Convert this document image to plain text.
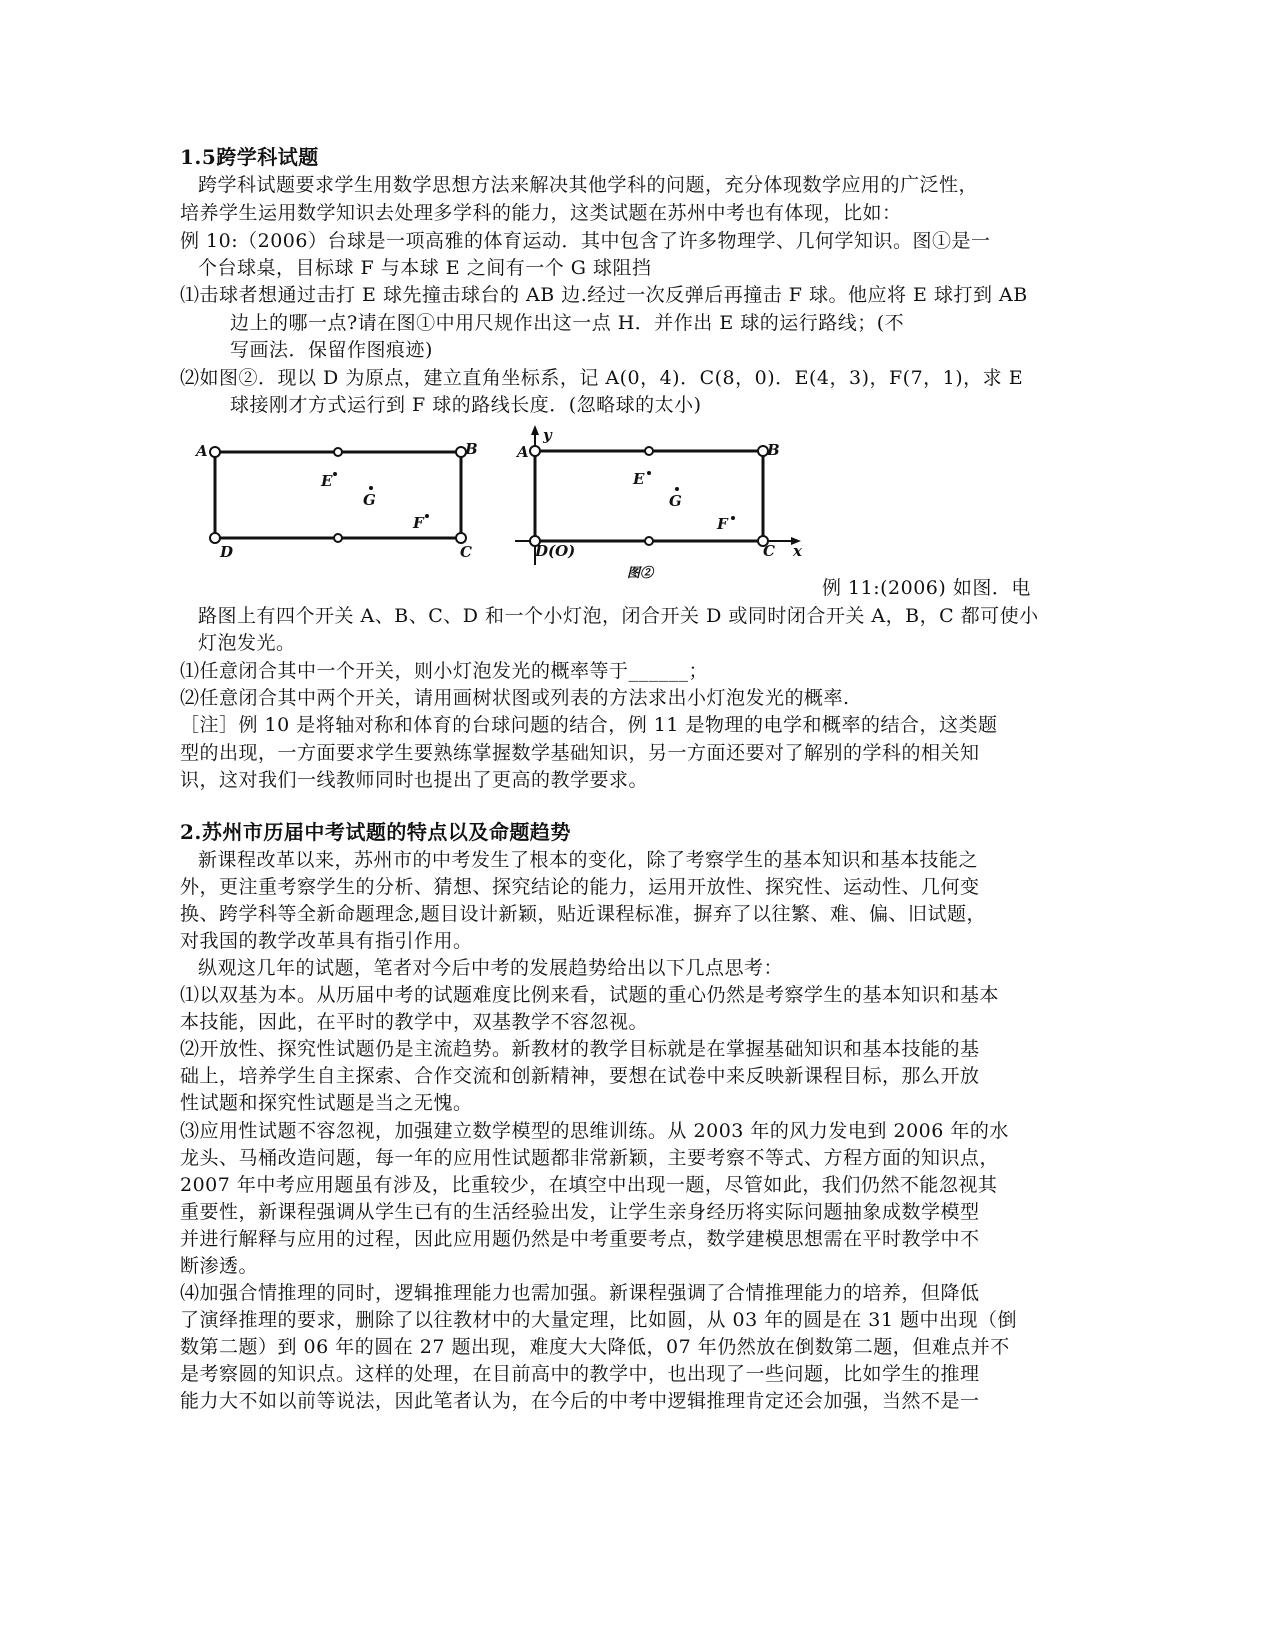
1.5跨学科试题
跨学科试题要求学生用数学思想方法来解决其他学科的问题，充分体现数学应用的广泛性，
培养学生运用数学知识去处理多学科的能力，这类试题在苏州中考也有体现，比如：
例 10:（2006）台球是一项高雅的体育运动．其中包含了许多物理学、几何学知识。图①是一
个台球桌，目标球 F 与本球 E 之间有一个 G 球阻挡
⑴击球者想通过击打 E 球先撞击球台的 AB 边.经过一次反弹后再撞击 F 球。他应将 E 球打到 AB
边上的哪一点?请在图①中用尺规作出这一点 H．并作出 E 球的运行路线；(不
写画法．保留作图痕迹)
⑵如图②．现以 D 为原点，建立直角坐标系，记 A(0，4)．C(8，0)．E(4，3)，F(7，1)，求 E
球接刚才方式运行到 F 球的路线长度．(忽略球的太小)
A	B
C
D
E
G
F
y
A	B
C x
D(O)
E
G
F
图②
例 11:(2006) 如图．电
路图上有四个开关 A、B、C、D 和一个小灯泡，闭合开关 D 或同时闭合开关 A，B，C 都可使小
灯泡发光。
⑴任意闭合其中一个开关，则小灯泡发光的概率等于______；
⑵任意闭合其中两个开关，请用画树状图或列表的方法求出小灯泡发光的概率.
［注］例 10 是将轴对称和体育的台球问题的结合，例 11 是物理的电学和概率的结合，这类题
型的出现，一方面要求学生要熟练掌握数学基础知识，另一方面还要对了解别的学科的相关知
识，这对我们一线教师同时也提出了更高的教学要求。
2.苏州市历届中考试题的特点以及命题趋势
新课程改革以来，苏州市的中考发生了根本的变化，除了考察学生的基本知识和基本技能之
外，更注重考察学生的分析、猜想、探究结论的能力，运用开放性、探究性、运动性、几何变
换、跨学科等全新命题理念,题目设计新颖，贴近课程标准，摒弃了以往繁、难、偏、旧试题，
对我国的教学改革具有指引作用。
纵观这几年的试题，笔者对今后中考的发展趋势给出以下几点思考：
⑴以双基为本。从历届中考的试题难度比例来看，试题的重心仍然是考察学生的基本知识和基本
本技能，因此，在平时的教学中，双基教学不容忽视。
⑵开放性、探究性试题仍是主流趋势。新教材的教学目标就是在掌握基础知识和基本技能的基
础上，培养学生自主探索、合作交流和创新精神，要想在试卷中来反映新课程目标，那么开放
性试题和探究性试题是当之无愧。
⑶应用性试题不容忽视，加强建立数学模型的思维训练。从 2003 年的风力发电到 2006 年的水
龙头、马桶改造问题，每一年的应用性试题都非常新颖，主要考察不等式、方程方面的知识点，
2007 年中考应用题虽有涉及，比重较少，在填空中出现一题，尽管如此，我们仍然不能忽视其
重要性，新课程强调从学生已有的生活经验出发，让学生亲身经历将实际问题抽象成数学模型
并进行解释与应用的过程，因此应用题仍然是中考重要考点，数学建模思想需在平时教学中不
断渗透。
⑷加强合情推理的同时，逻辑推理能力也需加强。新课程强调了合情推理能力的培养，但降低
了演绎推理的要求，删除了以往教材中的大量定理，比如圆，从 03 年的圆是在 31 题中出现（倒
数第二题）到 06 年的圆在 27 题出现，难度大大降低，07 年仍然放在倒数第二题，但难点并不
是考察圆的知识点。这样的处理，在目前高中的教学中，也出现了一些问题，比如学生的推理
能力大不如以前等说法，因此笔者认为，在今后的中考中逻辑推理肯定还会加强，当然不是一
